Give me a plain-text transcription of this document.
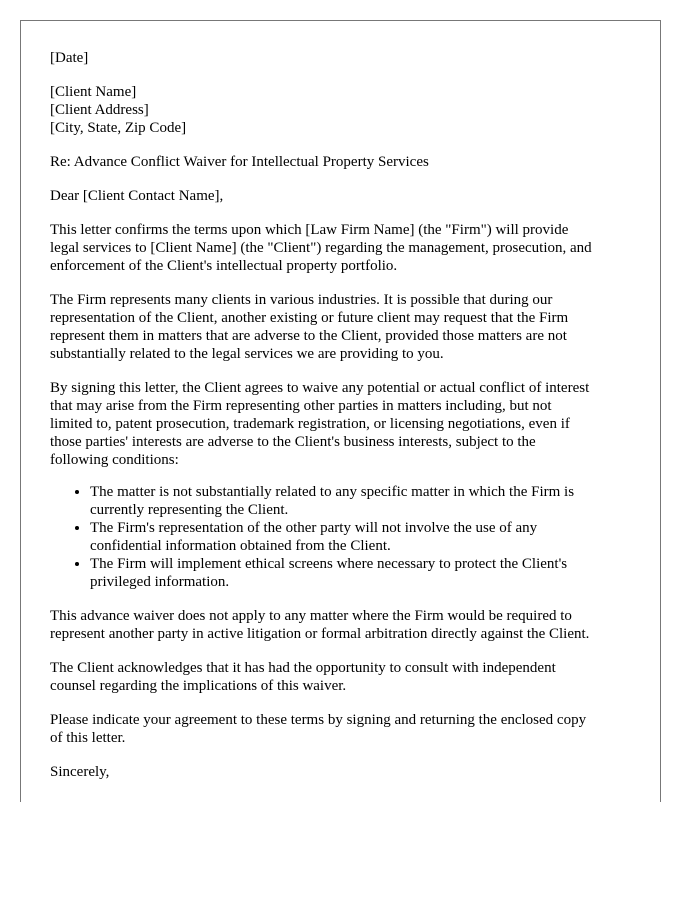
[Date]
[Client Name]
[Client Address]
[City, State, Zip Code]
Re: Advance Conflict Waiver for Intellectual Property Services
Dear [Client Contact Name],
This letter confirms the terms upon which [Law Firm Name] (the "Firm") will provide
legal services to [Client Name] (the "Client") regarding the management, prosecution, and
enforcement of the Client's intellectual property portfolio.
The Firm represents many clients in various industries. It is possible that during our
representation of the Client, another existing or future client may request that the Firm
represent them in matters that are adverse to the Client, provided those matters are not
substantially related to the legal services we are providing to you.
By signing this letter, the Client agrees to waive any potential or actual conflict of interest
that may arise from the Firm representing other parties in matters including, but not
limited to, patent prosecution, trademark registration, or licensing negotiations, even if
those parties' interests are adverse to the Client's business interests, subject to the
following conditions:
• The matter is not substantially related to any specific matter in which the Firm is
currently representing the Client.
• The Firm's representation of the other party will not involve the use of any
confidential information obtained from the Client.
• The Firm will implement ethical screens where necessary to protect the Client's
privileged information.
This advance waiver does not apply to any matter where the Firm would be required to
represent another party in active litigation or formal arbitration directly against the Client.
The Client acknowledges that it has had the opportunity to consult with independent
counsel regarding the implications of this waiver.
Please indicate your agreement to these terms by signing and returning the enclosed copy
of this letter.
Sincerely,
